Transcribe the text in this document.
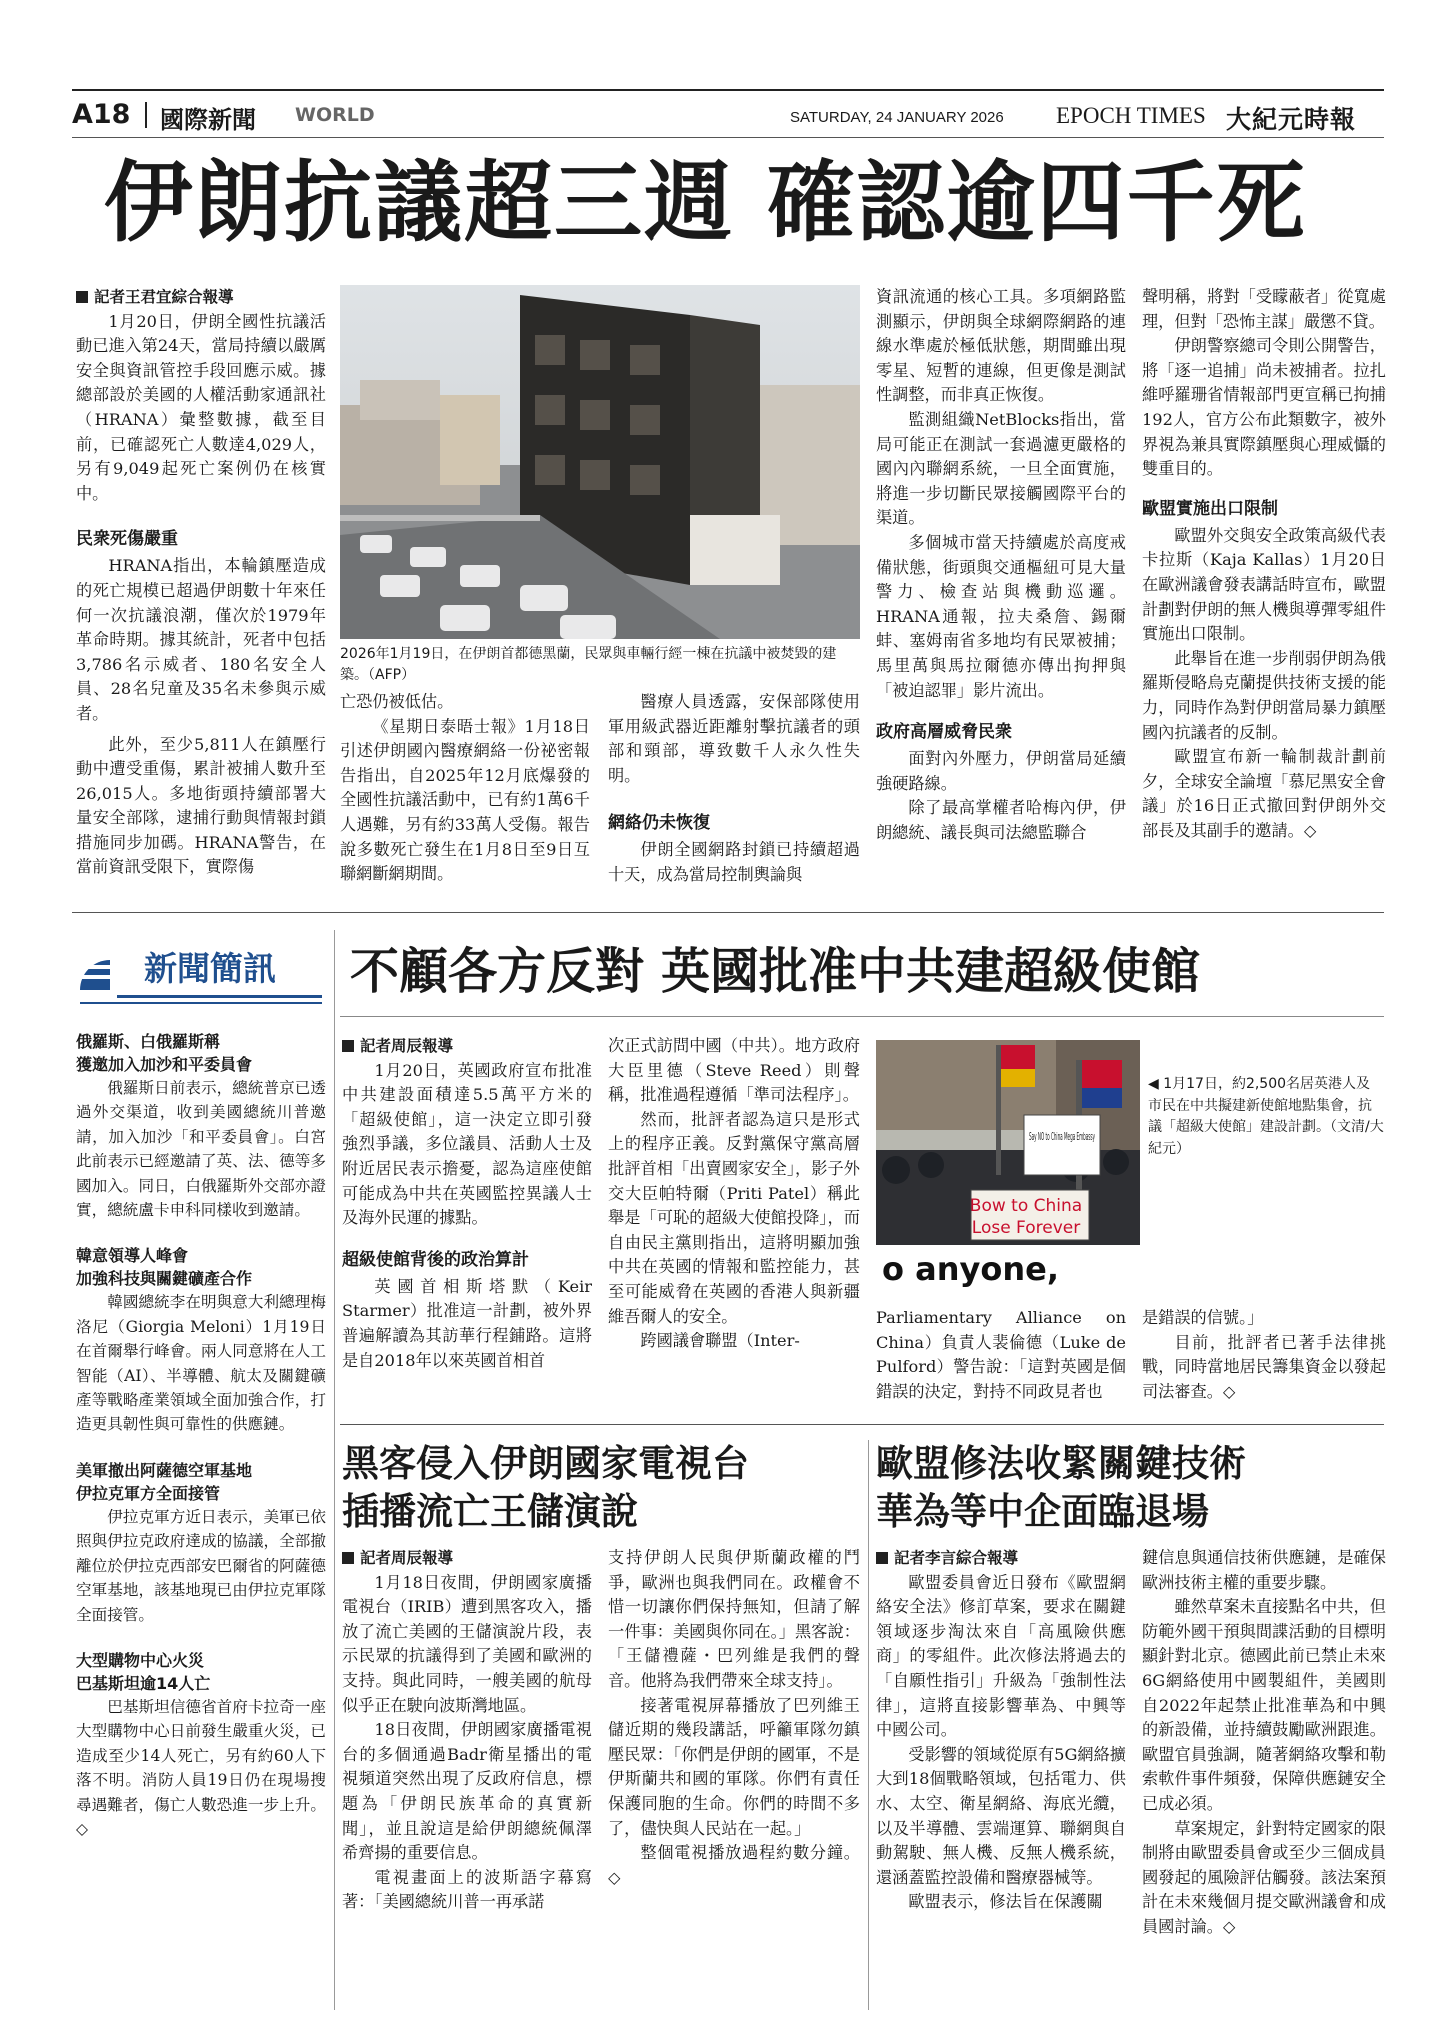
A18 國際新聞 WORLD	SATURDAY, 24 JANUARY 2026 EPOCH TIMES 大紀元時報
伊朗抗議超三週 確認逾四千死
記者王君宜綜合報導

1月20日，伊朗全國性抗議活動已進入第24天，當局持續以嚴厲安全與資訊管控手段回應示威。據總部設於美國的人權活動家通訊社（HRANA）彙整數據，截至目前，已確認死亡人數達4,029人，另有9,049起死亡案例仍在核實中。

民衆死傷嚴重

HRANA指出，本輪鎮壓造成的死亡規模已超過伊朗數十年來任何一次抗議浪潮，僅次於1979年革命時期。據其統計，死者中包括3,786名示威者、180名安全人員、28名兒童及35名未參與示威者。

此外，至少5,811人在鎮壓行動中遭受重傷，累計被捕人數升至26,015人。多地街頭持續部署大量安全部隊，逮捕行動與情報封鎖措施同步加碼。HRANA警告，在當前資訊受限下，實際傷

2026年1月19日，在伊朗首都德黑蘭，民眾與車輛行經一棟在抗議中被焚毀的建築。（AFP）

亡恐仍被低估。

《星期日泰晤士報》1月18日引述伊朗國內醫療網絡一份祕密報告指出，自2025年12月底爆發的全國性抗議活動中，已有約1萬6千人遇難，另有約33萬人受傷。報告說多數死亡發生在1月8日至9日互聯網斷網期間。

醫療人員透露，安保部隊使用軍用級武器近距離射擊抗議者的頭部和頸部，導致數千人永久性失明。

網絡仍未恢復

伊朗全國網路封鎖已持續超過十天，成為當局控制輿論與

資訊流通的核心工具。多項網路監測顯示，伊朗與全球網際網路的連線水準處於極低狀態，期間雖出現零星、短暫的連線，但更像是測試性調整，而非真正恢復。

監測組織NetBlocks指出，當局可能正在測試一套過濾更嚴格的國內內聯網系統，一旦全面實施，將進一步切斷民眾接觸國際平台的渠道。

多個城市當天持續處於高度戒備狀態，街頭與交通樞紐可見大量警力、檢查站與機動巡邏。HRANA通報，拉夫桑詹、錫爾蚌、塞姆南省多地均有民眾被捕；馬里萬與馬拉爾德亦傳出拘押與「被迫認罪」影片流出。

政府高層威脅民衆

面對內外壓力，伊朗當局延續強硬路線。

除了最高掌權者哈梅內伊，伊朗總統、議長與司法總監聯合

聲明稱，將對「受矇蔽者」從寬處理，但對「恐怖主謀」嚴懲不貸。

伊朗警察總司令則公開警告，將「逐一追捕」尚未被捕者。拉扎維呼羅珊省情報部門更宣稱已拘捕192人，官方公布此類數字，被外界視為兼具實際鎮壓與心理威懾的雙重目的。

歐盟實施出口限制

歐盟外交與安全政策高級代表卡拉斯（Kaja Kallas）1月20日在歐洲議會發表講話時宣布，歐盟計劃對伊朗的無人機與導彈零組件實施出口限制。

此舉旨在進一步削弱伊朗為俄羅斯侵略烏克蘭提供技術支援的能力，同時作為對伊朗當局暴力鎮壓國內抗議者的反制。

歐盟宣布新一輪制裁計劃前夕，全球安全論壇「慕尼黑安全會議」於16日正式撤回對伊朗外交部長及其副手的邀請。◇

新聞簡訊
俄羅斯、白俄羅斯稱
獲邀加入加沙和平委員會

俄羅斯日前表示，總統普京已透過外交渠道，收到美國總統川普邀請，加入加沙「和平委員會」。白宮此前表示已經邀請了英、法、德等多國加入。同日，白俄羅斯外交部亦證實，總統盧卡申科同樣收到邀請。

韓意領導人峰會
加強科技與關鍵礦產合作

韓國總統李在明與意大利總理梅洛尼（Giorgia Meloni）1月19日在首爾舉行峰會。兩人同意將在人工智能（AI）、半導體、航太及關鍵礦產等戰略產業領域全面加強合作，打造更具韌性與可靠性的供應鏈。

美軍撤出阿薩德空軍基地
伊拉克軍方全面接管

伊拉克軍方近日表示，美軍已依照與伊拉克政府達成的協議，全部撤離位於伊拉克西部安巴爾省的阿薩德空軍基地，該基地現已由伊拉克軍隊全面接管。

大型購物中心火災
巴基斯坦逾14人亡

巴基斯坦信德省首府卡拉奇一座大型購物中心日前發生嚴重火災，已造成至少14人死亡，另有約60人下落不明。消防人員19日仍在現場搜尋遇難者，傷亡人數恐進一步上升。◇

不顧各方反對 英國批准中共建超級使館
記者周辰報導

1月20日，英國政府宣布批准中共建設面積達5.5萬平方米的「超級使館」，這一決定立即引發強烈爭議，多位議員、活動人士及附近居民表示擔憂，認為這座使館可能成為中共在英國監控異議人士及海外民運的據點。

超級使館背後的政治算計

英國首相斯塔默（Keir Starmer）批准這一計劃，被外界普遍解讀為其訪華行程鋪路。這將是自2018年以來英國首相首

次正式訪問中國（中共）。地方政府大臣里德（Steve Reed）則聲稱，批准過程遵循「準司法程序」。

然而，批評者認為這只是形式上的程序正義。反對黨保守黨高層批評首相「出賣國家安全」，影子外交大臣帕特爾（Priti Patel）稱此舉是「可恥的超級大使館投降」，而自由民主黨則指出，這將明顯加強中共在英國的情報和監控能力，甚至可能威脅在英國的香港人與新疆維吾爾人的安全。

跨國議會聯盟（Inter-

Say NO to China Mega Embassy
Bow to China
Lose Forever
o anyone,
◀ 1月17日，約2,500名居英港人及市民在中共擬建新使館地點集會，抗議「超級大使館」建設計劃。（文清/大紀元）

Parliamentary Alliance on China）負責人裴倫德（Luke de Pulford）警告說：「這對英國是個錯誤的決定，對持不同政見者也

是錯誤的信號。」

目前，批評者已著手法律挑戰，同時當地居民籌集資金以發起司法審查。◇

黑客侵入伊朗國家電視台
插播流亡王儲演說
記者周辰報導

1月18日夜間，伊朗國家廣播電視台（IRIB）遭到黑客攻入，播放了流亡美國的王儲演說片段，表示民眾的抗議得到了美國和歐洲的支持。與此同時，一艘美國的航母似乎正在駛向波斯灣地區。

18日夜間，伊朗國家廣播電視台的多個通過Badr衛星播出的電視頻道突然出現了反政府信息，標題為「伊朗民族革命的真實新聞」，並且說這是給伊朗總統佩澤希齊揚的重要信息。

電視畫面上的波斯語字幕寫著：「美國總統川普一再承諾

支持伊朗人民與伊斯蘭政權的鬥爭，歐洲也與我們同在。政權會不惜一切讓你們保持無知，但請了解一件事：美國與你同在。」黑客說：「王儲禮薩・巴列維是我們的聲音。他將為我們帶來全球支持」。

接著電視屏幕播放了巴列維王儲近期的幾段講話，呼籲軍隊勿鎮壓民眾：「你們是伊朗的國軍，不是伊斯蘭共和國的軍隊。你們有責任保護同胞的生命。你們的時間不多了，儘快與人民站在一起。」

整個電視播放過程約數分鐘。◇

歐盟修法收緊關鍵技術
華為等中企面臨退場
記者李言綜合報導

歐盟委員會近日發布《歐盟網絡安全法》修訂草案，要求在關鍵領域逐步淘汰來自「高風險供應商」的零組件。此次修法將過去的「自願性指引」升級為「強制性法律」，這將直接影響華為、中興等中國公司。

受影響的領域從原有5G網絡擴大到18個戰略領域，包括電力、供水、太空、衛星網絡、海底光纜，以及半導體、雲端運算、聯網與自動駕駛、無人機、反無人機系統，還涵蓋監控設備和醫療器械等。

歐盟表示，修法旨在保護關

鍵信息與通信技術供應鏈，是確保歐洲技術主權的重要步驟。

雖然草案未直接點名中共，但防範外國干預與間諜活動的目標明顯針對北京。德國此前已禁止未來6G網絡使用中國製組件，美國則自2022年起禁止批准華為和中興的新設備，並持續鼓勵歐洲跟進。歐盟官員強調，隨著網絡攻擊和勒索軟件事件頻發，保障供應鏈安全已成必須。

草案規定，針對特定國家的限制將由歐盟委員會或至少三個成員國發起的風險評估觸發。該法案預計在未來幾個月提交歐洲議會和成員國討論。◇
